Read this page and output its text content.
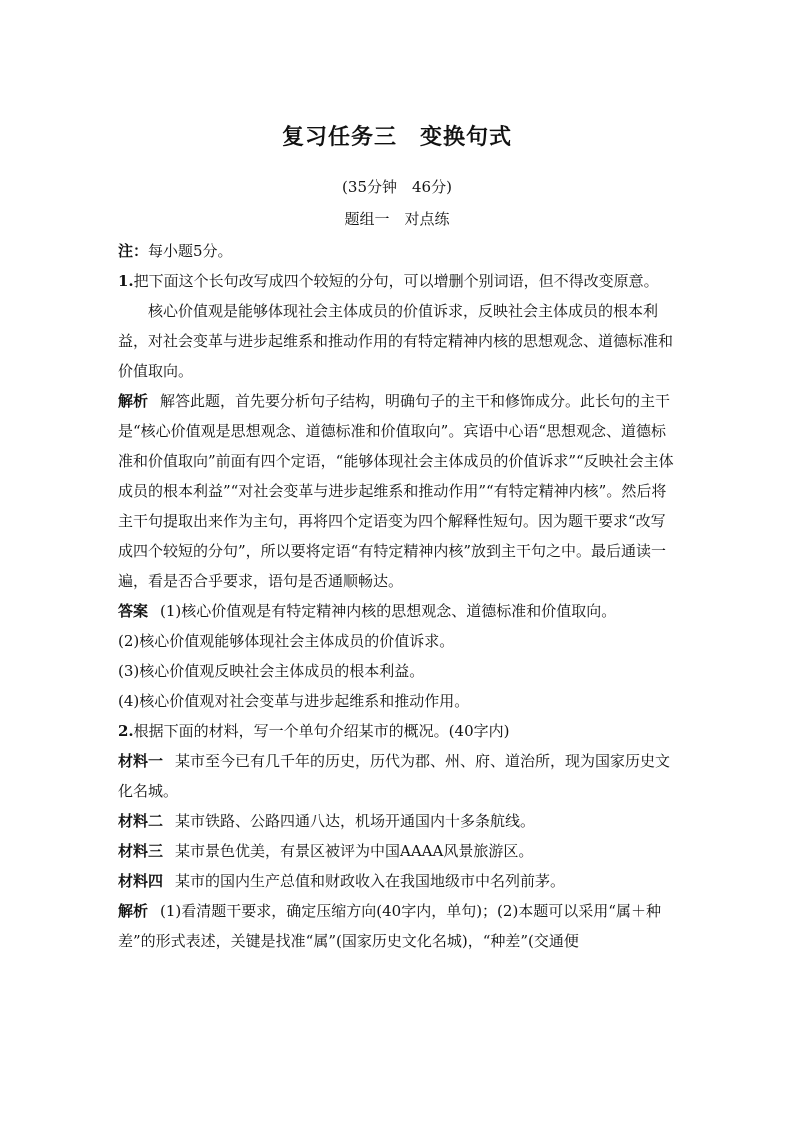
复习任务三　变换句式
(35分钟　46分)
题组一　对点练
注：每小题5分。
1.把下面这个长句改写成四个较短的分句，可以增删个别词语，但不得改变原意。
核心价值观是能够体现社会主体成员的价值诉求，反映社会主体成员的根本利益，对社会变革与进步起维系和推动作用的有特定精神内核的思想观念、道德标准和价值取向。
解析 解答此题，首先要分析句子结构，明确句子的主干和修饰成分。此长句的主干是“核心价值观是思想观念、道德标准和价值取向”。宾语中心语“思想观念、道德标准和价值取向”前面有四个定语，“能够体现社会主体成员的价值诉求”“反映社会主体成员的根本利益”“对社会变革与进步起维系和推动作用”“有特定精神内核”。然后将主干句提取出来作为主句，再将四个定语变为四个解释性短句。因为题干要求“改写成四个较短的分句”，所以要将定语“有特定精神内核”放到主干句之中。最后通读一遍，看是否合乎要求，语句是否通顺畅达。
答案 (1)核心价值观是有特定精神内核的思想观念、道德标准和价值取向。
(2)核心价值观能够体现社会主体成员的价值诉求。
(3)核心价值观反映社会主体成员的根本利益。
(4)核心价值观对社会变革与进步起维系和推动作用。
2.根据下面的材料，写一个单句介绍某市的概况。(40字内)
材料一 某市至今已有几千年的历史，历代为郡、州、府、道治所，现为国家历史文化名城。
材料二 某市铁路、公路四通八达，机场开通国内十多条航线。
材料三 某市景色优美，有景区被评为中国AAAA风景旅游区。
材料四 某市的国内生产总值和财政收入在我国地级市中名列前茅。
解析 (1)看清题干要求，确定压缩方向(40字内，单句)；(2)本题可以采用“属＋种差”的形式表述，关键是找准“属”(国家历史文化名城)，“种差”(交通便
